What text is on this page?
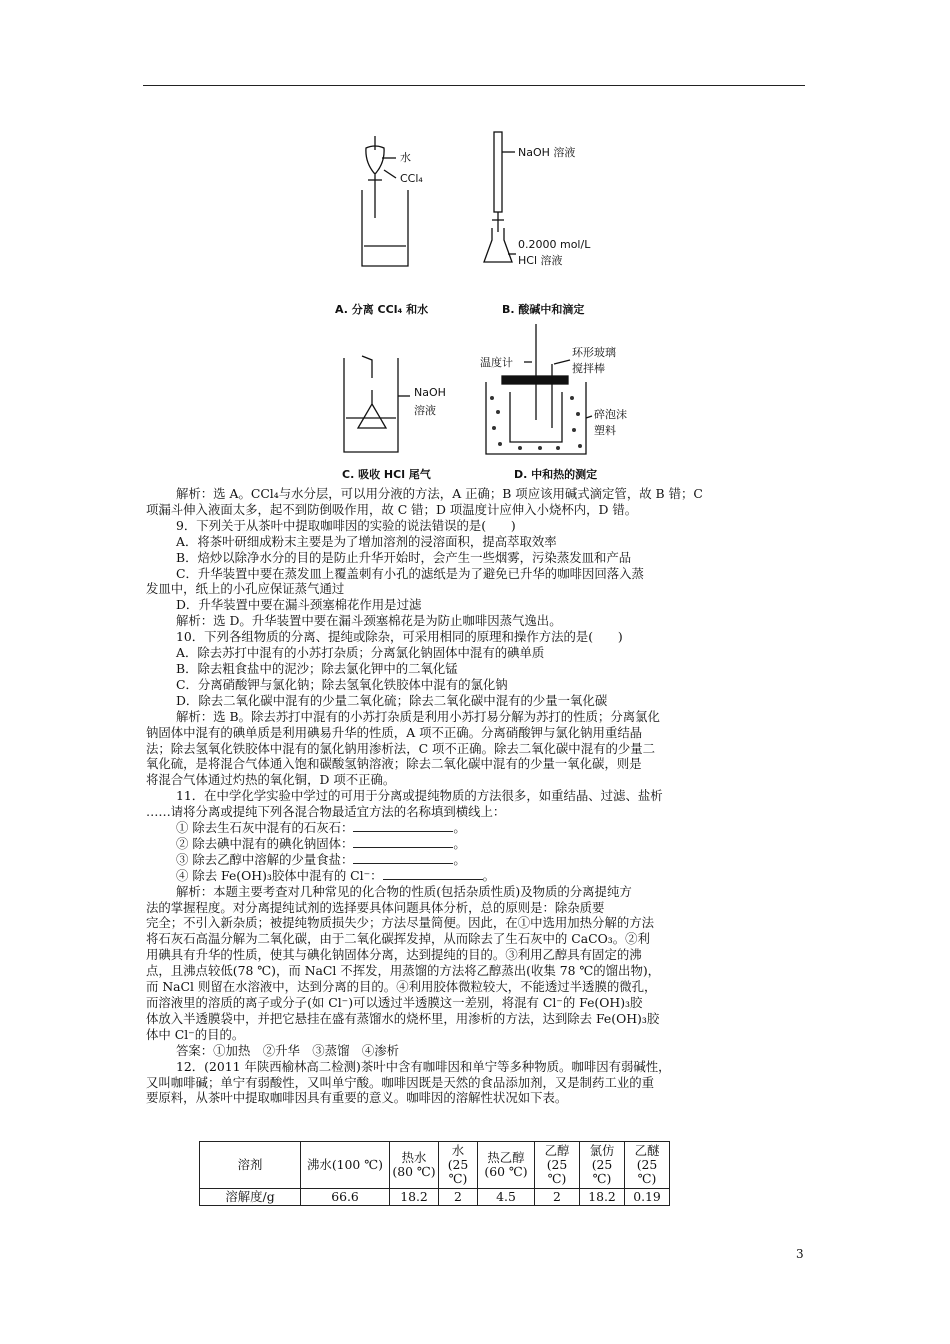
水
CCl₄
A. 分离 CCl₄ 和水
NaOH 溶液
0.2000 mol/L
HCl 溶液
B. 酸碱中和滴定
NaOH
溶液
C. 吸收 HCl 尾气
温度计
环形玻璃
搅拌棒
碎泡沫
塑料
D. 中和热的测定

解析：选 A。CCl₄与水分层，可以用分液的方法，A 正确；B 项应该用碱式滴定管，故 B 错；C

项漏斗伸入液面太多，起不到防倒吸作用，故 C 错；D 项温度计应伸入小烧杯内，D 错。

9．下列关于从茶叶中提取咖啡因的实验的说法错误的是(　　)

A．将茶叶研细成粉末主要是为了增加溶剂的浸溶面积，提高萃取效率

B．焙炒以除净水分的目的是防止升华开始时，会产生一些烟雾，污染蒸发皿和产品

C．升华装置中要在蒸发皿上覆盖刺有小孔的滤纸是为了避免已升华的咖啡因回落入蒸

发皿中，纸上的小孔应保证蒸气通过

D．升华装置中要在漏斗颈塞棉花作用是过滤

解析：选 D。升华装置中要在漏斗颈塞棉花是为防止咖啡因蒸气逸出。

10．下列各组物质的分离、提纯或除杂，可采用相同的原理和操作方法的是(　　)

A．除去苏打中混有的小苏打杂质；分离氯化钠固体中混有的碘单质

B．除去粗食盐中的泥沙；除去氯化钾中的二氧化锰

C．分离硝酸钾与氯化钠；除去氢氧化铁胶体中混有的氯化钠

D．除去二氧化碳中混有的少量二氧化硫；除去二氧化碳中混有的少量一氧化碳

解析：选 B。除去苏打中混有的小苏打杂质是利用小苏打易分解为苏打的性质；分离氯化

钠固体中混有的碘单质是利用碘易升华的性质，A 项不正确。分离硝酸钾与氯化钠用重结晶

法；除去氢氧化铁胶体中混有的氯化钠用渗析法，C 项不正确。除去二氧化碳中混有的少量二

氧化硫，是将混合气体通入饱和碳酸氢钠溶液；除去二氧化碳中混有的少量一氧化碳，则是

将混合气体通过灼热的氧化铜，D 项不正确。

11．在中学化学实验中学过的可用于分离或提纯物质的方法很多，如重结晶、过滤、盐析

……请将分离或提纯下列各混合物最适宜方法的名称填到横线上：

① 除去生石灰中混有的石灰石：	。

② 除去碘中混有的碘化钠固体：	。

③ 除去乙醇中溶解的少量食盐：	。

④ 除去 Fe(OH)₃胶体中混有的 Cl⁻：	。

解析：本题主要考查对几种常见的化合物的性质(包括杂质性质)及物质的分离提纯方

法的掌握程度。对分离提纯试剂的选择要具体问题具体分析，总的原则是：除杂质要

完全；不引入新杂质；被提纯物质损失少；方法尽量简便。因此，在①中选用加热分解的方法

将石灰石高温分解为二氧化碳，由于二氧化碳挥发掉，从而除去了生石灰中的 CaCO₃。②利

用碘具有升华的性质，使其与碘化钠固体分离，达到提纯的目的。③利用乙醇具有固定的沸

点，且沸点较低(78 ℃)，而 NaCl 不挥发，用蒸馏的方法将乙醇蒸出(收集 78 ℃的馏出物)，

而 NaCl 则留在水溶液中，达到分离的目的。④利用胶体微粒较大，不能透过半透膜的微孔，

而溶液里的溶质的离子或分子(如 Cl⁻)可以透过半透膜这一差别，将混有 Cl⁻的 Fe(OH)₃胶

体放入半透膜袋中，并把它悬挂在盛有蒸馏水的烧杯里，用渗析的方法，达到除去 Fe(OH)₃胶

体中 Cl⁻的目的。

答案：①加热　②升华　③蒸馏　④渗析

12．(2011 年陕西榆林高二检测)茶叶中含有咖啡因和单宁等多种物质。咖啡因有弱碱性，

又叫咖啡碱；单宁有弱酸性，又叫单宁酸。咖啡因既是天然的食品添加剂，又是制药工业的重

要原料，从茶叶中提取咖啡因具有重要的意义。咖啡因的溶解性状况如下表。

溶剂	沸水(100 ℃)	热水 (80 ℃)	水 (25 ℃)	热乙醇(60 ℃)	乙醇 (25 ℃)	氯仿 (25 ℃)	乙醚 (25 ℃)
溶解度/g	66.6	18.2	2	4.5	2	18.2	0.19
3
